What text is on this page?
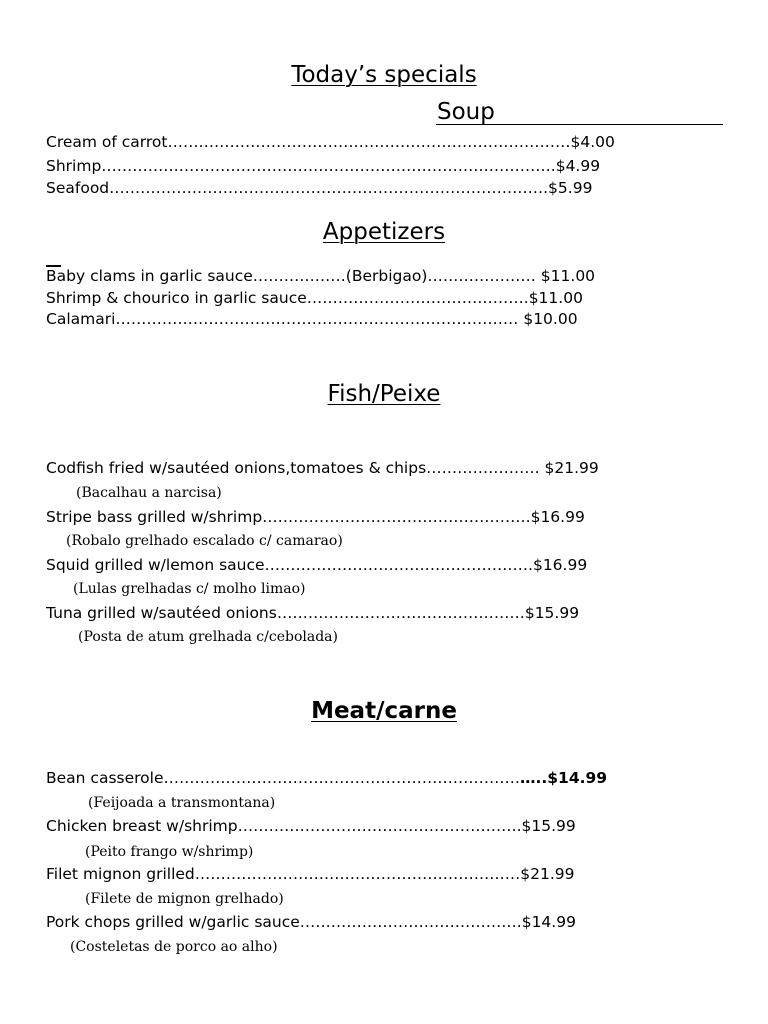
Today’s specials
Soup
Cream of carrot……………………………………………………………………$4.00
Shrimp…………………………………………………………………………….$4.99
Seafood………………………………………………………………………….$5.99
Appetizers
Baby clams in garlic sauce………………(Berbigao)………………… $11.00
Shrimp & chourico in garlic sauce…………………………………….$11.00
Calamari…………………………………………………………………… $10.00
Fish/Peixe
Codfish fried w/sautéed onions,tomatoes & chips…………………. $21.99
(Bacalhau a narcisa)
Stripe bass grilled w/shrimp…………………………………………….$16.99
(Robalo grelhado escalado c/ camarao)
Squid grilled w/lemon sauce…………………………………………….$16.99
(Lulas grelhadas c/ molho limao)
Tuna grilled w/sautéed onions…………………………………………$15.99
(Posta de atum grelhada c/cebolada)
Meat/carne
Bean casserole………………………………………………………………..$14.99
(Feijoada a transmontana)
Chicken breast w/shrimp……………………………………………….$15.99
(Peito frango w/shrimp)
Filet mignon grilled………………………………………………………$21.99
(Filete de mignon grelhado)
Pork chops grilled w/garlic sauce…………………………………….$14.99
(Costeletas de porco ao alho)
